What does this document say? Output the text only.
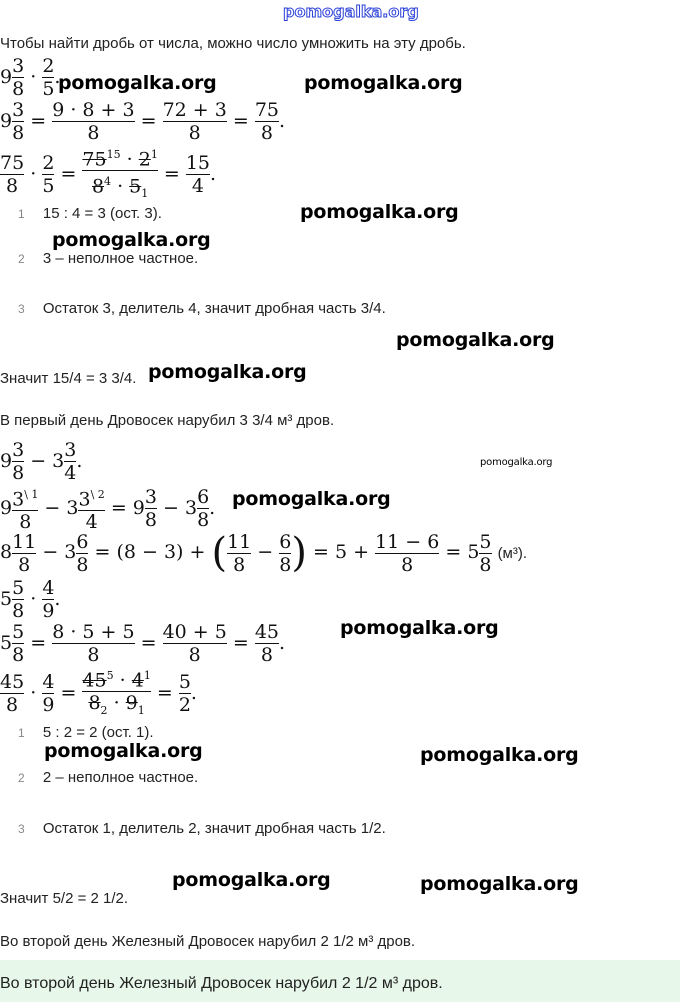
pomogalka.org
Чтобы найти дробь от числа, можно число умножить на эту дробь.
$9 \frac{3}{8} \cdot \frac{2}{5}$ .
$9 \frac{3}{8} = \frac{9 \cdot 8 + 3}{8} = \frac{72 + 3}{8} = \frac{75}{8}$ .
$\frac{75}{8} \cdot \frac{2}{5} = \frac{75^{15} \cdot 2^1}{8^4 \cdot 5_1} = \frac{15}{4}$ .
1 15 : 4 = 3 (ост. 3).
2 3 – неполное частное.
3 Остаток 3, делитель 4, значит дробная часть 3/4.
Значит 15/4 = 3 3/4.
В первый день Дровосек нарубил 3 3/4 м³ дров.
$9 \frac{3}{8} - 3 \frac{3}{4}$ .
$9 \frac{3^{\backslash 1}}{8} - 3 \frac{3^{\backslash 2}}{4} = 9 \frac{3}{8} - 3 \frac{6}{8}$ .
$8 \frac{11}{8} - 3 \frac{6}{8} = (8 - 3)$ + ( $\frac{11}{8} - \frac{6}{8}$ ) = $5 + \frac{11 - 6}{8} = 5 \frac{5}{8} (м^3)$.
$5 \frac{5}{8} \cdot \frac{4}{9}$ .
$5 \frac{5}{8} = \frac{8 \cdot 5 + 5}{8} = \frac{40 + 5}{8} = \frac{45}{8}$ .
$\frac{45}{8} \cdot \frac{4}{9} = \frac{45^5 \cdot 4^1}{8_2 \cdot 9_1} = \frac{5}{2}$ .
1 5 : 2 = 2 (ост. 1).
2 2 – неполное частное.
3 Остаток 1, делитель 2, значит дробная часть 1/2.
Значит 5/2 = 2 1/2.
Во второй день Железный Дровосек нарубил 2 1/2 м³ дров.
Во второй день Железный Дровосек нарубил 2 1/2 м³ дров.
pomogalka.org	pomogalka.org
pomogalka.org
pomogalka.org
pomogalka.org
pomogalka.org
pomogalka.org
pomogalka.org
pomogalka.org
pomogalka.org	pomogalka.org
pomogalka.org	pomogalka.org
